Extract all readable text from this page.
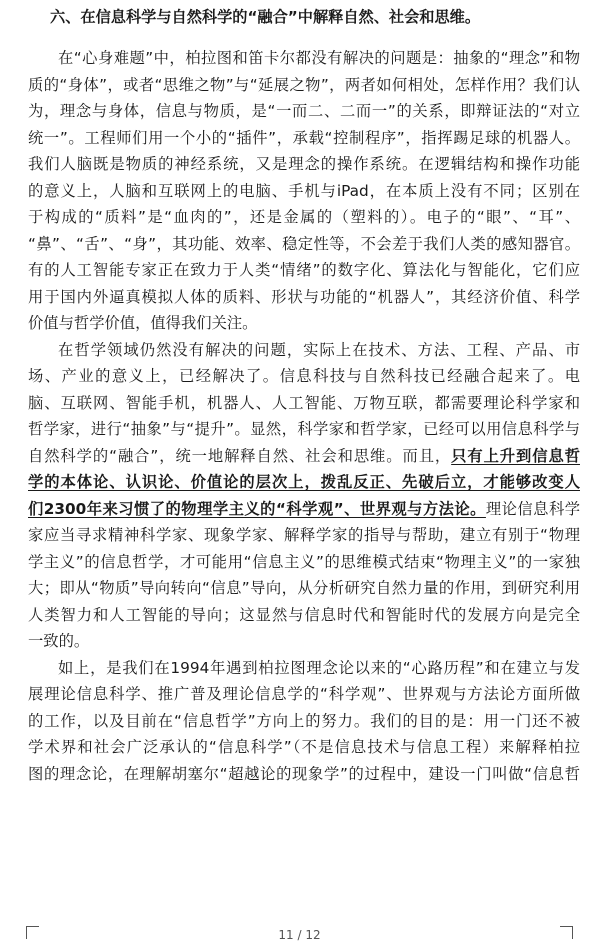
六、在信息科学与自然科学的“融合”中解释自然、社会和思维。
在“心身难题”中，柏拉图和笛卡尔都没有解决的问题是：抽象的“理念”和物
质的“身体”，或者“思维之物”与“延展之物”，两者如何相处，怎样作用？我们认
为，理念与身体，信息与物质，是“一而二、二而一”的关系，即辩证法的“对立
统一”。工程师们用一个小的“插件”，承载“控制程序”，指挥踢足球的机器人。
我们人脑既是物质的神经系统，又是理念的操作系统。在逻辑结构和操作功能
的意义上，人脑和互联网上的电脑、手机与iPad，在本质上没有不同；区别在
于构成的“质料”是“血肉的”，还是金属的（塑料的）。电子的“眼”、“耳”、
“鼻”、“舌”、“身”，其功能、效率、稳定性等，不会差于我们人类的感知器官。
有的人工智能专家正在致力于人类“情绪”的数字化、算法化与智能化，它们应
用于国内外逼真模拟人体的质料、形状与功能的“机器人”，其经济价值、科学
价值与哲学价值，值得我们关注。
在哲学领域仍然没有解决的问题，实际上在技术、方法、工程、产品、市
场、产业的意义上，已经解决了。信息科技与自然科技已经融合起来了。电
脑、互联网、智能手机，机器人、人工智能、万物互联，都需要理论科学家和
哲学家，进行“抽象”与“提升”。显然，科学家和哲学家，已经可以用信息科学与
自然科学的“融合”，统一地解释自然、社会和思维。而且，只有上升到信息哲
学的本体论、认识论、价值论的层次上，拨乱反正、先破后立，才能够改变人
们2300年来习惯了的物理学主义的“科学观”、世界观与方法论。理论信息科学
家应当寻求精神科学家、现象学家、解释学家的指导与帮助，建立有别于“物理
学主义”的信息哲学，才可能用“信息主义”的思维模式结束“物理主义”的一家独
大；即从“物质”导向转向“信息”导向，从分析研究自然力量的作用，到研究利用
人类智力和人工智能的导向；这显然与信息时代和智能时代的发展方向是完全
一致的。
如上，是我们在1994年遇到柏拉图理念论以来的“心路历程”和在建立与发
展理论信息科学、推广普及理论信息学的“科学观”、世界观与方法论方面所做
的工作，以及目前在“信息哲学”方向上的努力。我们的目的是：用一门还不被
学术界和社会广泛承认的“信息科学”（不是信息技术与信息工程）来解释柏拉
图的理念论，在理解胡塞尔“超越论的现象学”的过程中，建设一门叫做“信息哲
11 / 12
